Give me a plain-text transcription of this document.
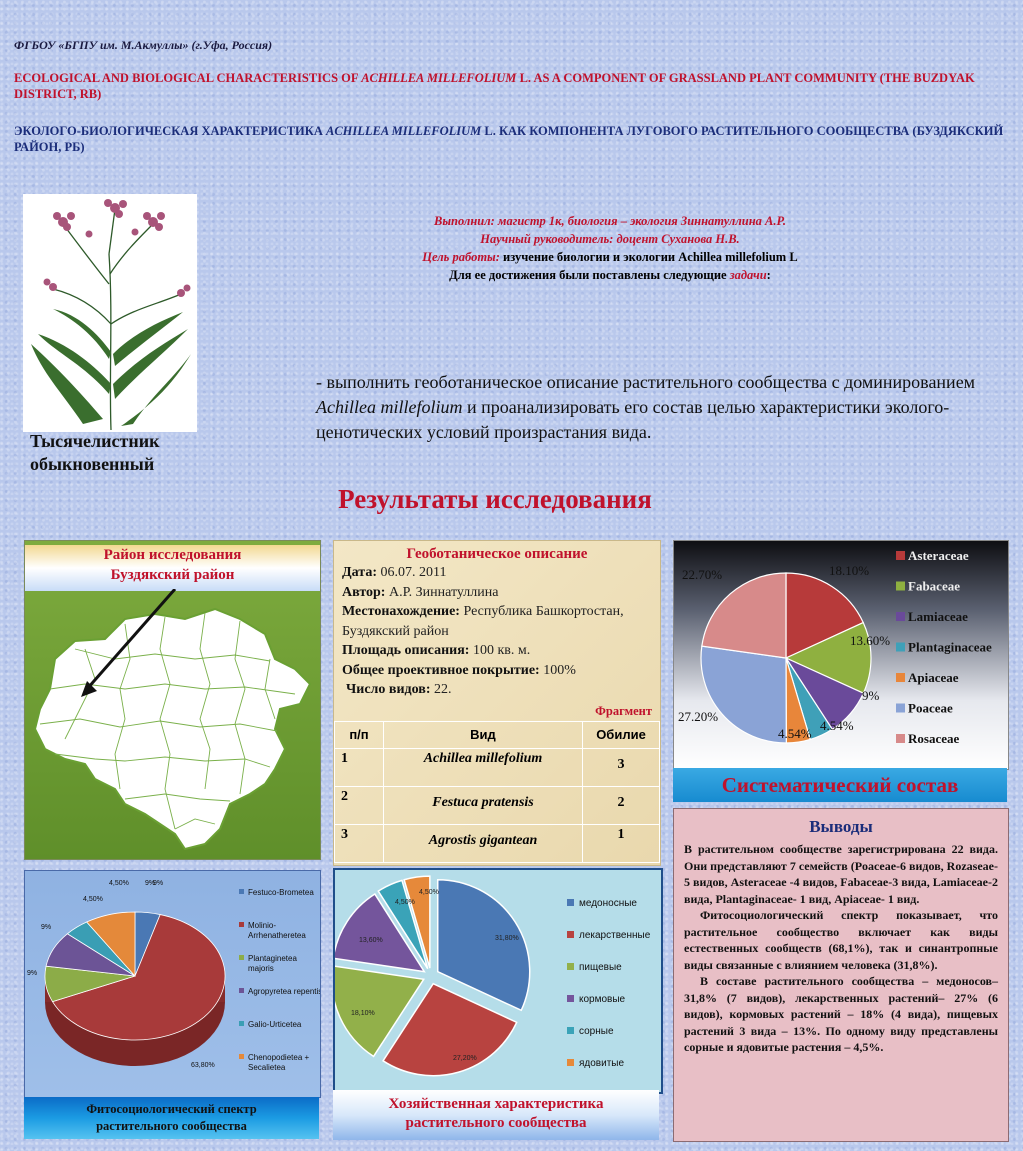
ФГБОУ «БГПУ им. М.Акмуллы» (г.Уфа, Россия)
ECOLOGICAL AND BIOLOGICAL CHARACTERISTICS OF ACHILLEA MILLEFOLIUM L. AS A COMPONENT OF GRASSLAND PLANT COMMUNITY (THE BUZDYAK DISTRICT, RB)
ЭКОЛОГО-БИОЛОГИЧЕСКАЯ ХАРАКТЕРИСТИКА ACHILLEA MILLEFOLIUM L. КАК КОМПОНЕНТА ЛУГОВОГО РАСТИТЕЛЬНОГО СООБЩЕСТВА (БУЗДЯКСКИЙ РАЙОН, РБ)
Тысячелистник обыкновенный
Выполнил: магистр 1к, биология – экология Зиннатуллина А.Р.
Научный руководитель: доцент Суханова Н.В.
Цель работы: изучение биологии и экологии Achillea millefolium L
Для ее достижения были поставлены следующие задачи:
- выполнить геоботаническое описание растительного сообщества с доминированием Achillea millefolium и проанализировать его состав целью характеристики эколого-ценотических условий произрастания вида.
Результаты исследования
Район исследования
Буздякский район
Геоботаническое описание
Дата: 06.07. 2011
Автор: А.Р. Зиннатуллина
Местонахождение: Республика Башкортостан, Буздякский район
Площадь описания: 100 кв. м.
Общее проективное покрытие: 100%
Число видов: 22.
Фрагмент
п/п	Вид	Обилие
1	Achillea millefolium	3
2	Festuca pratensis	2
3	Agrostis gigantean	1
18.10%
13.60%
9%
4.54%
4.54%
27.20%
22.70%
Asteraceae
Fabaceae
Lamiaceae
Plantaginaceae
Apiaceae
Poaceae
Rosaceae
Систематический состав
Выводы

В растительном сообществе зарегистрирована 22 вида. Они представляют 7 семейств (Poaceae-6 видов, Rozaseae-5 видов, Asteraceae -4 видов, Fabaceae-3 вида, Lamiaceae-2 вида, Plantaginaceae- 1 вид, Apiaceae- 1 вид.

Фитосоциологический спектр показывает, что растительное сообщество включает как виды естественных сообществ (68,1%), так и синантропные виды связанные с влиянием человека (31,8%).

В составе растительного сообщества – медоносов– 31,8% (7 видов), лекарственных растений– 27% (6 видов), кормовых растений – 18% (4 вида), пищевых растений 3 вида – 13%. По одному виду представлены сорные и ядовитые растения – 4,5%.

4,50%
63,80%
9%
9%
4,50%	9%
9%
Festuco-Brometea
Molinio-
Arrhenatheretea
Plantaginetea
majoris
Agropyretea repentis
Galio-Urticetea
Chenopodietea +
Secalietea
Фитосоциологический спектр
растительного сообщества
31,80%
27,20%
18,10%
13,60%
4,50%
4,50%
медоносные
лекарственные
пищевые
кормовые
сорные
ядовитые
Хозяйственная характеристика
растительного сообщества
